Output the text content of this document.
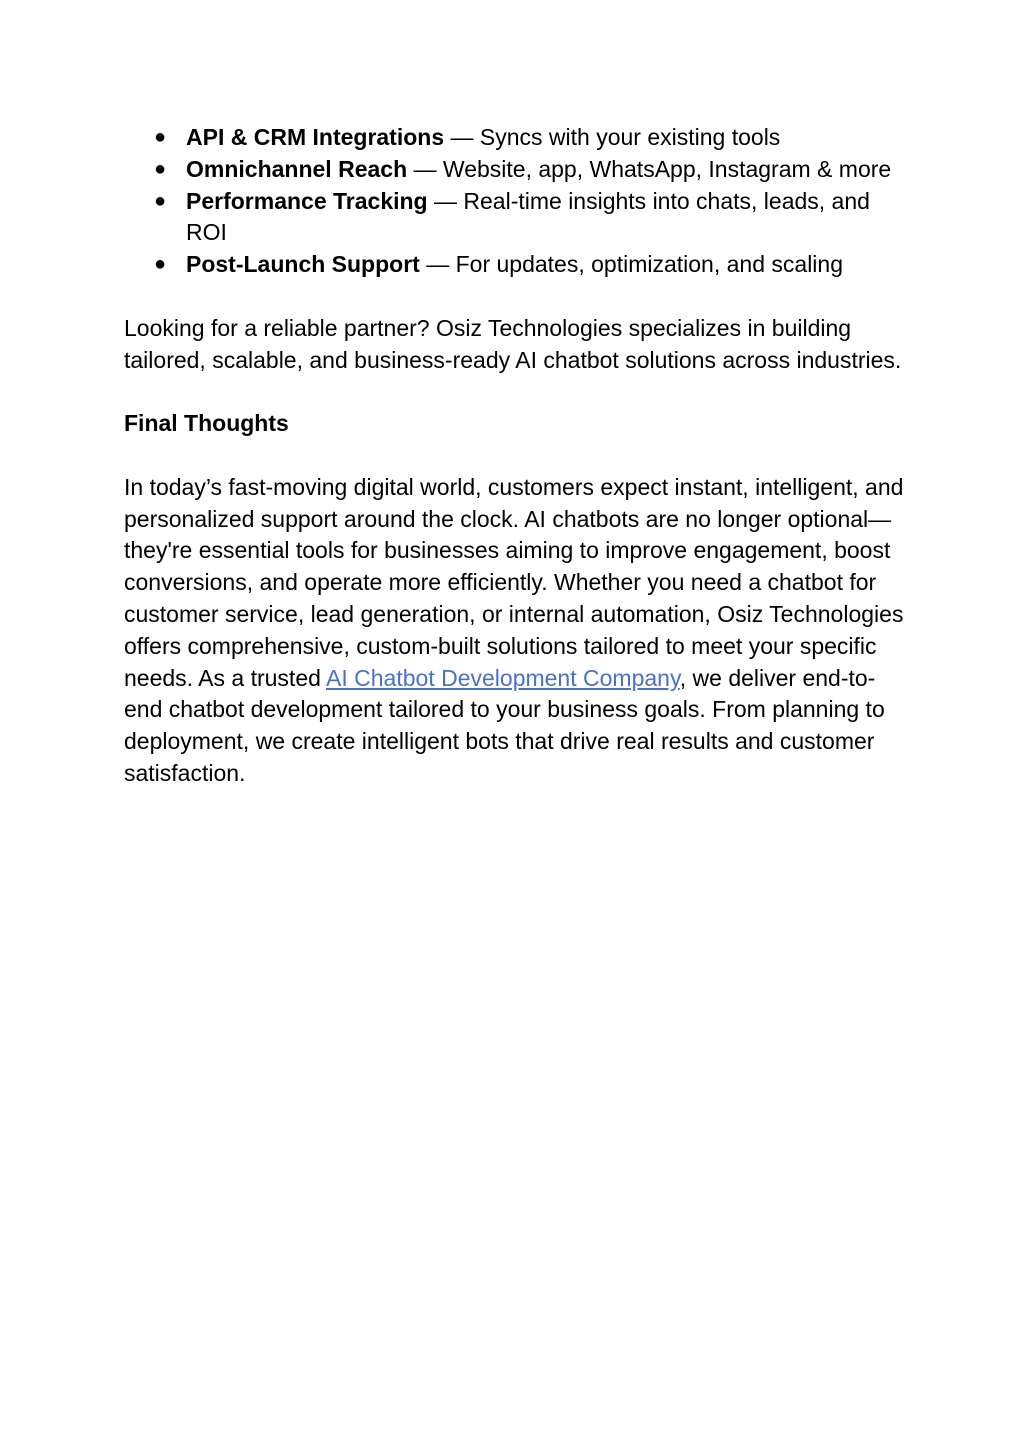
● API & CRM Integrations — Syncs with your existing tools
● Omnichannel Reach — Website, app, WhatsApp, Instagram & more
● Performance Tracking — Real-time insights into chats, leads, and ROI
● Post-Launch Support — For updates, optimization, and scaling

Looking for a reliable partner? Osiz Technologies specializes in building tailored, scalable, and business-ready AI chatbot solutions across industries.

Final Thoughts

In today’s fast-moving digital world, customers expect instant, intelligent, and personalized support around the clock. AI chatbots are no longer optional—they're essential tools for businesses aiming to improve engagement, boost conversions, and operate more efficiently. Whether you need a chatbot for customer service, lead generation, or internal automation, Osiz Technologies offers comprehensive, custom-built solutions tailored to meet your specific needs. As a trusted AI Chatbot Development Company, we deliver end-to-end chatbot development tailored to your business goals. From planning to deployment, we create intelligent bots that drive real results and customer satisfaction.
